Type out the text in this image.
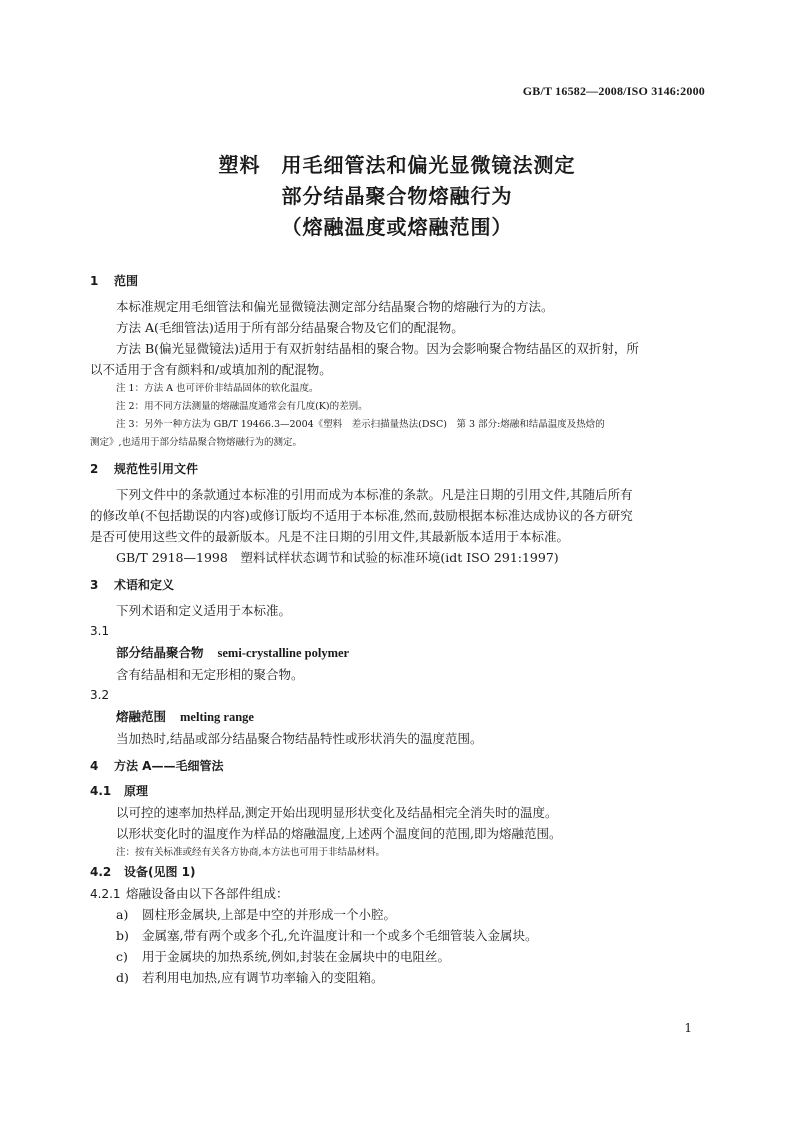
GB/T 16582—2008/ISO 3146:2000
塑料　用毛细管法和偏光显微镜法测定
部分结晶聚合物熔融行为
（熔融温度或熔融范围）
1 范围
本标准规定用毛细管法和偏光显微镜法测定部分结晶聚合物的熔融行为的方法。
方法 A(毛细管法)适用于所有部分结晶聚合物及它们的配混物。
方法 B(偏光显微镜法)适用于有双折射结晶相的聚合物。因为会影响聚合物结晶区的双折射，所
以不适用于含有颜料和/或填加剂的配混物。
注 1：方法 A 也可评价非结晶固体的软化温度。
注 2：用不同方法测量的熔融温度通常会有几度(K)的差别。
注 3：另外一种方法为 GB/T 19466.3—2004《塑料　差示扫描量热法(DSC)　第 3 部分:熔融和结晶温度及热焓的
测定》,也适用于部分结晶聚合物熔融行为的测定。
2 规范性引用文件
下列文件中的条款通过本标准的引用而成为本标准的条款。凡是注日期的引用文件,其随后所有
的修改单(不包括勘误的内容)或修订版均不适用于本标准,然而,鼓励根据本标准达成协议的各方研究
是否可使用这些文件的最新版本。凡是不注日期的引用文件,其最新版本适用于本标准。
GB/T 2918—1998　塑料试样状态调节和试验的标准环境(idt ISO 291:1997)
3 术语和定义
下列术语和定义适用于本标准。
3.1
部分结晶聚合物 semi-crystalline polymer
含有结晶相和无定形相的聚合物。
3.2
熔融范围 melting range
当加热时,结晶或部分结晶聚合物结晶特性或形状消失的温度范围。
4 方法 A——毛细管法
4.1 原理
以可控的速率加热样品,测定开始出现明显形状变化及结晶相完全消失时的温度。
以形状变化时的温度作为样品的熔融温度,上述两个温度间的范围,即为熔融范围。
注：按有关标准或经有关各方协商,本方法也可用于非结晶材料。
4.2 设备(见图 1)
4.2.1 熔融设备由以下各部件组成：
a) 圆柱形金属块,上部是中空的并形成一个小腔。
b) 金属塞,带有两个或多个孔,允许温度计和一个或多个毛细管装入金属块。
c) 用于金属块的加热系统,例如,封装在金属块中的电阻丝。
d) 若利用电加热,应有调节功率输入的变阻箱。
1
